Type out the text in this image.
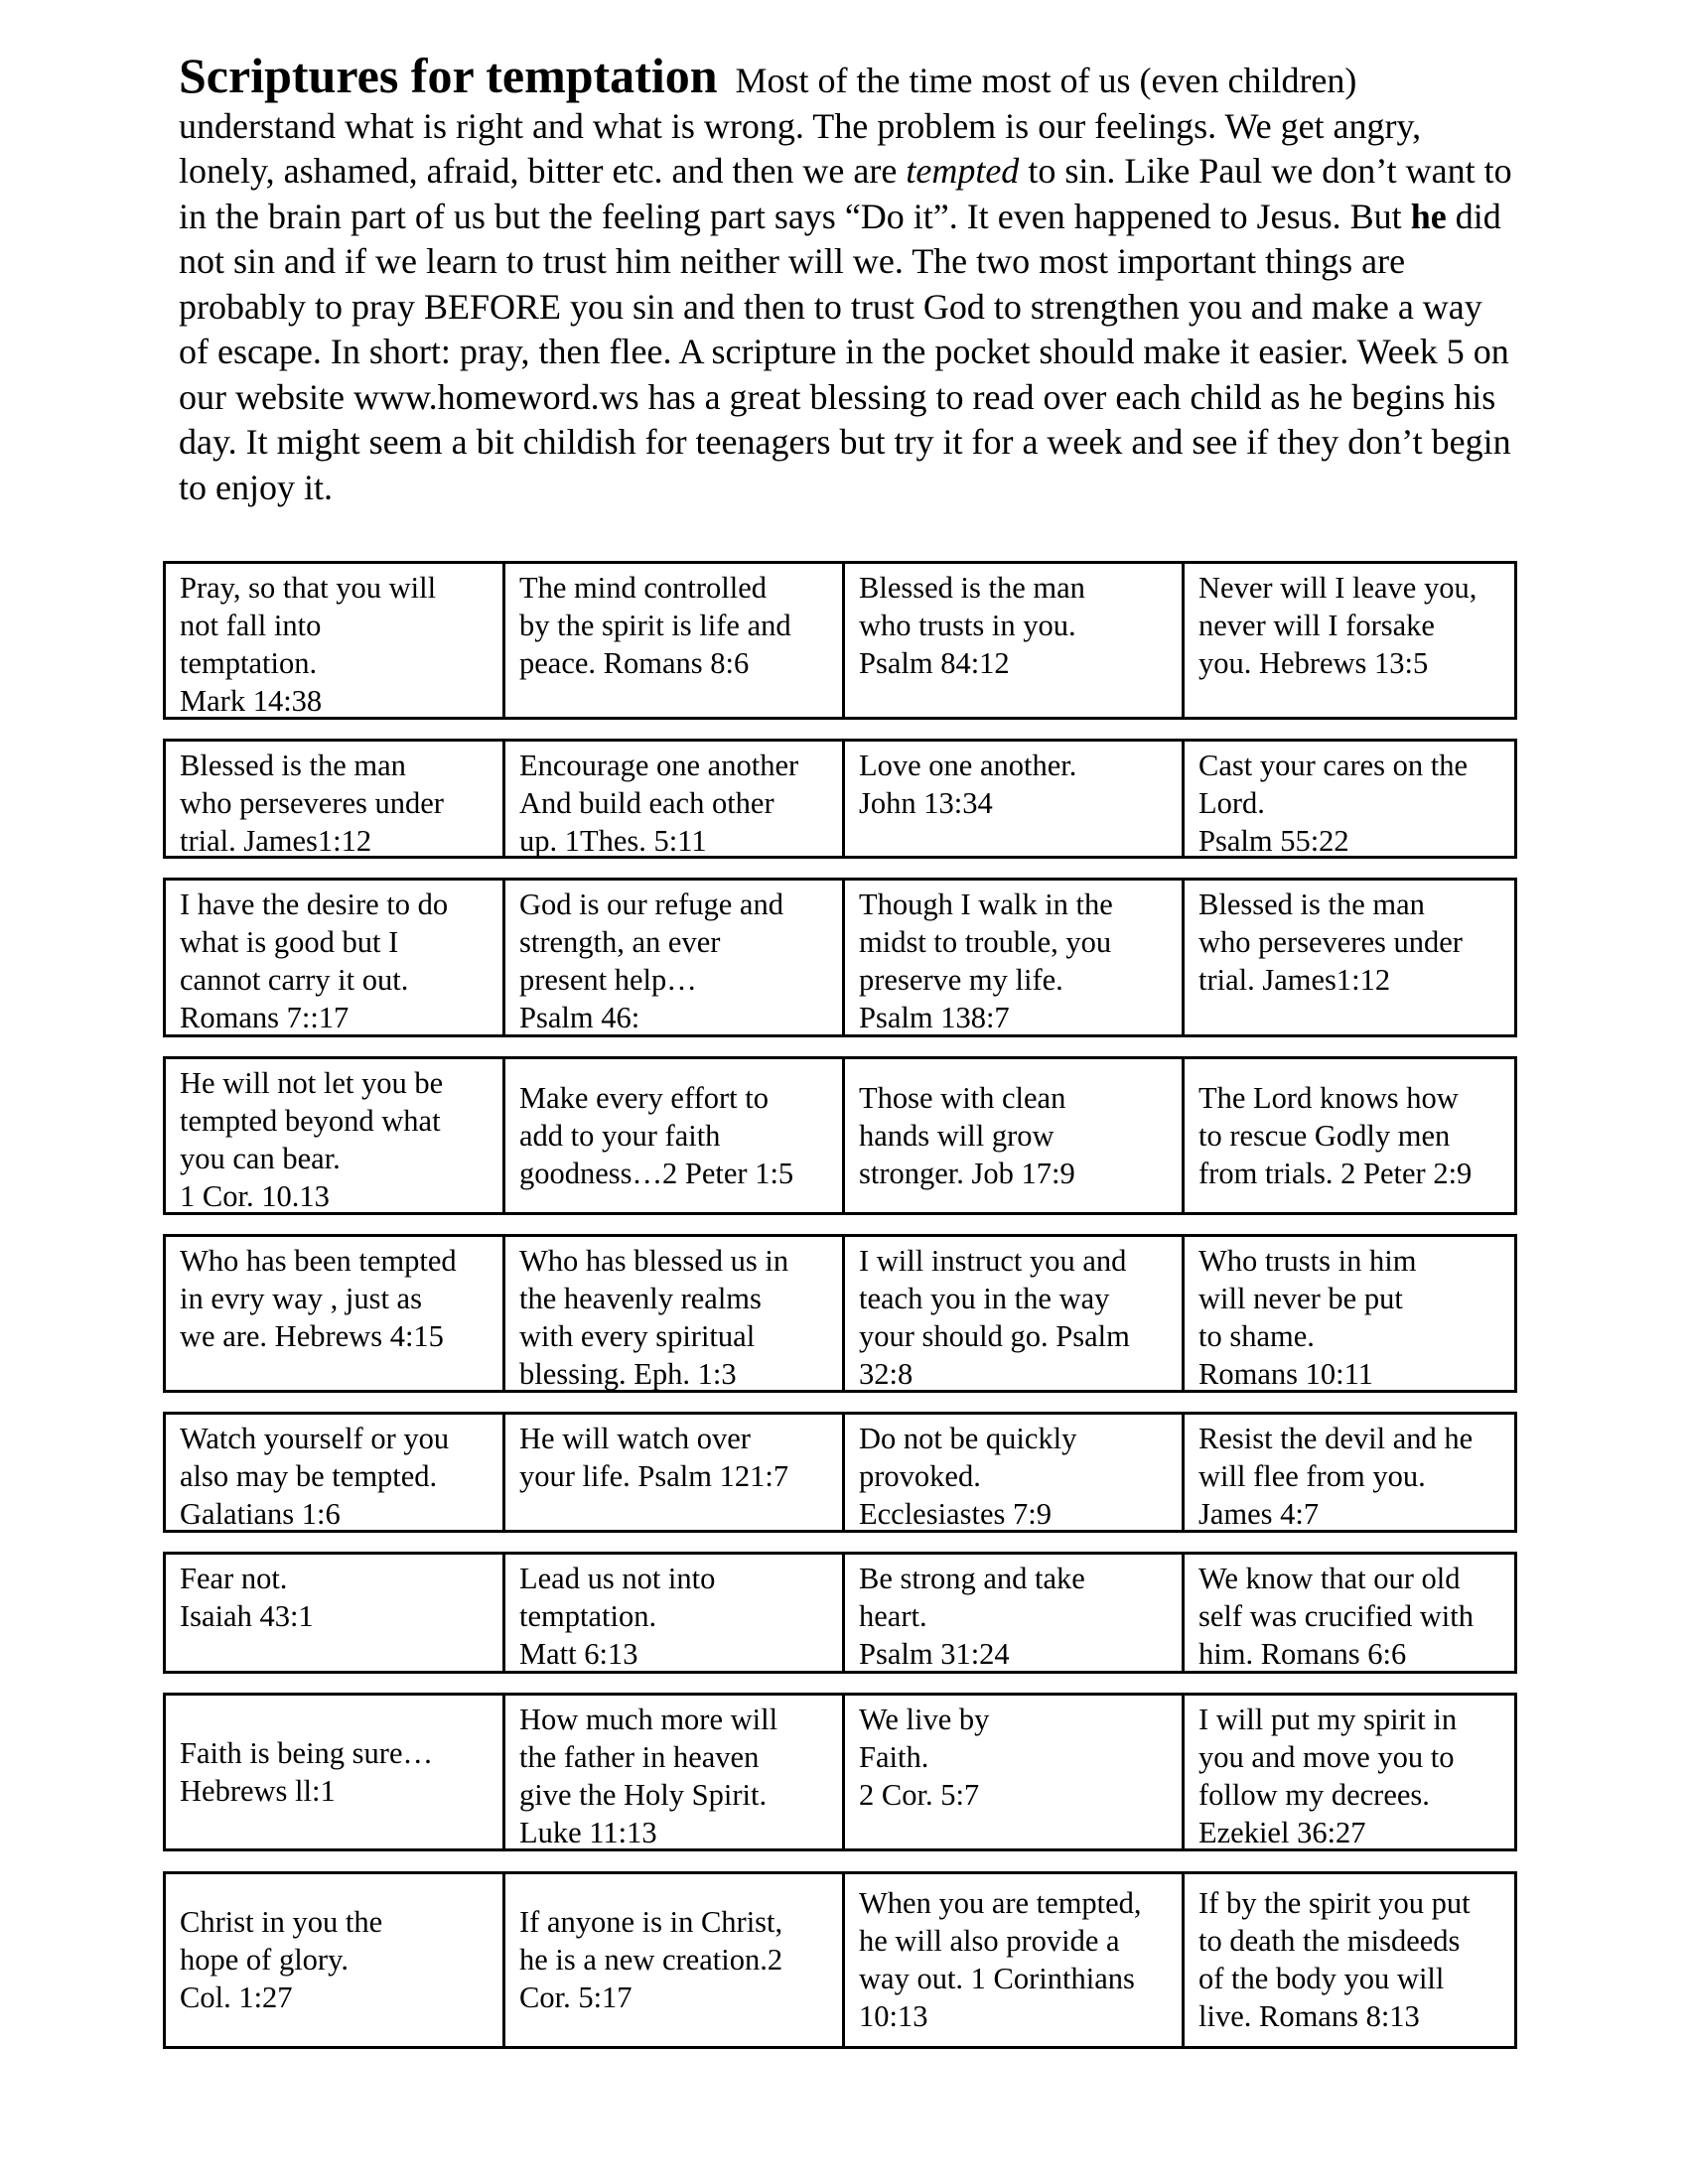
Scriptures for temptation Most of the time most of us (even children) understand what is right and what is wrong. The problem is our feelings. We get angry, lonely, ashamed, afraid, bitter etc. and then we are tempted to sin. Like Paul we don’t want to in the brain part of us but the feeling part says “Do it”. It even happened to Jesus. But he did not sin and if we learn to trust him neither will we. The two most important things are probably to pray BEFORE you sin and then to trust God to strengthen you and make a way of escape. In short: pray, then flee. A scripture in the pocket should make it easier. Week 5 on our website www.homeword.ws has a great blessing to read over each child as he begins his day. It might seem a bit childish for teenagers but try it for a week and see if they don’t begin to enjoy it.
Pray, so that you will
not fall into
temptation.
Mark 14:38
The mind controlled
by the spirit is life and
peace. Romans 8:6
Blessed is the man
who trusts in you.
Psalm 84:12
Never will I leave you,
never will I forsake
you. Hebrews 13:5
Blessed is the man
who perseveres under
trial. James1:12
Encourage one another
And build each other
up. 1Thes. 5:11
Love one another.
John 13:34
Cast your cares on the
Lord.
Psalm 55:22
I have the desire to do
what is good but I
cannot carry it out.
Romans 7::17
God is our refuge and
strength, an ever
present help…
Psalm 46:
Though I walk in the
midst to trouble, you
preserve my life.
Psalm 138:7
Blessed is the man
who perseveres under
trial. James1:12
He will not let you be
tempted beyond what
you can bear.
1 Cor. 10.13
Make every effort to
add to your faith
goodness…2 Peter 1:5
Those with clean
hands will grow
stronger. Job 17:9
The Lord knows how
to rescue Godly men
from trials. 2 Peter 2:9
Who has been tempted
in evry way , just as
we are. Hebrews 4:15
Who has blessed us in
the heavenly realms
with every spiritual
blessing. Eph. 1:3
I will instruct you and
teach you in the way
your should go. Psalm
32:8
Who trusts in him
will never be put
to shame.
Romans 10:11
Watch yourself or you
also may be tempted.
Galatians 1:6
He will watch over
your life. Psalm 121:7
Do not be quickly
provoked.
Ecclesiastes 7:9
Resist the devil and he
will flee from you.
James 4:7
Fear not.
Isaiah 43:1
Lead us not into
temptation.
Matt 6:13
Be strong and take
heart.
Psalm 31:24
We know that our old
self was crucified with
him. Romans 6:6
Faith is being sure…
Hebrews ll:1
How much more will
the father in heaven
give the Holy Spirit.
Luke 11:13
We live by
Faith.
2 Cor. 5:7
I will put my spirit in
you and move you to
follow my decrees.
Ezekiel 36:27
Christ in you the
hope of glory.
Col. 1:27
If anyone is in Christ,
he is a new creation.2
Cor. 5:17
When you are tempted,
he will also provide a
way out. 1 Corinthians
10:13
If by the spirit you put
to death the misdeeds
of the body you will
live. Romans 8:13
